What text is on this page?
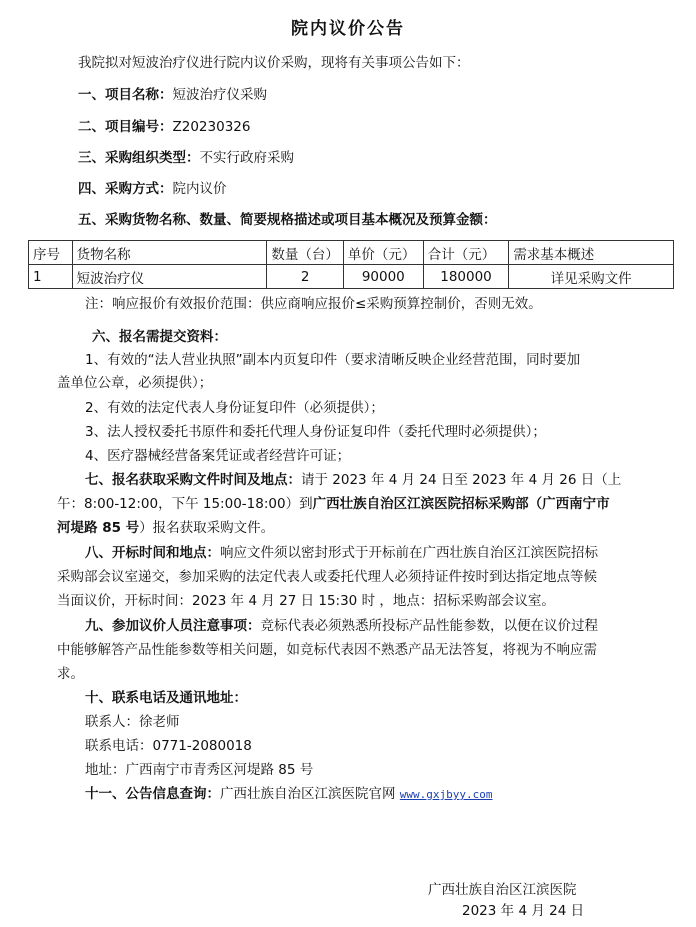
院内议价公告
我院拟对短波治疗仪进行院内议价采购，现将有关事项公告如下：
一、项目名称：短波治疗仪采购
二、项目编号：Z20230326
三、采购组织类型：不实行政府采购
四、采购方式：院内议价
五、采购货物名称、数量、简要规格描述或项目基本概况及预算金额：
序号	货物名称	数量（台）	单价（元）	合计（元）	需求基本概述
1	短波治疗仪	2	90000	180000	详见采购文件
注：响应报价有效报价范围：供应商响应报价≤采购预算控制价，否则无效。
六、报名需提交资料：
1、有效的“法人营业执照”副本内页复印件（要求清晰反映企业经营范围，同时要加
盖单位公章，必须提供）；
2、有效的法定代表人身份证复印件（必须提供）；
3、法人授权委托书原件和委托代理人身份证复印件（委托代理时必须提供）；
4、医疗器械经营备案凭证或者经营许可证；
七、报名获取采购文件时间及地点：请于 2023 年 4 月 24 日至 2023 年 4 月 26 日（上
午：8:00-12:00，下午 15:00-18:00）到广西壮族自治区江滨医院招标采购部（广西南宁市
河堤路 85 号）报名获取采购文件。
八、开标时间和地点：响应文件须以密封形式于开标前在广西壮族自治区江滨医院招标
采购部会议室递交，参加采购的法定代表人或委托代理人必须持证件按时到达指定地点等候
当面议价，开标时间：2023 年 4 月 27 日 15:30 时 ，地点：招标采购部会议室。
九、参加议价人员注意事项：竞标代表必须熟悉所投标产品性能参数，以便在议价过程
中能够解答产品性能参数等相关问题，如竞标代表因不熟悉产品无法答复，将视为不响应需
求。
十、联系电话及通讯地址：
联系人：徐老师
联系电话：0771-2080018
地址：广西南宁市青秀区河堤路 85 号
十一、公告信息查询：广西壮族自治区江滨医院官网 www.gxjbyy.com
广西壮族自治区江滨医院
2023 年 4 月 24 日
